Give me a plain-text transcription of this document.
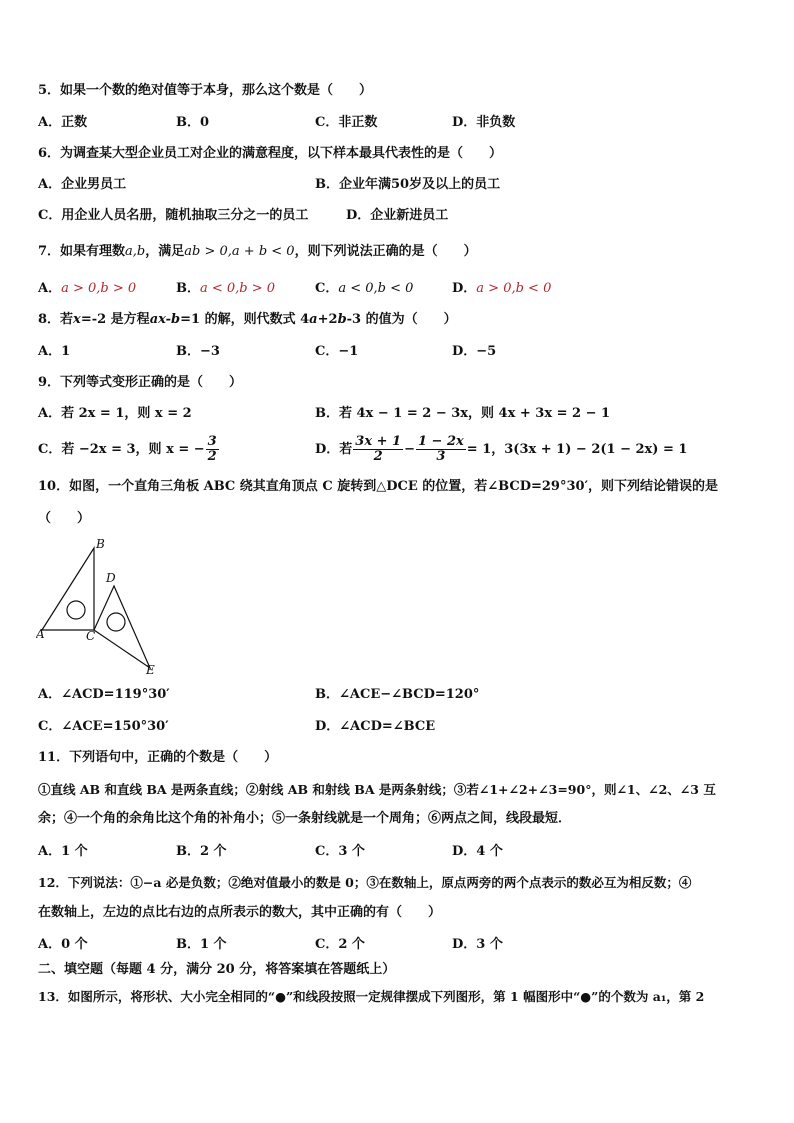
5．如果一个数的绝对值等于本身，那么这个数是（　　）
A．正数	B．0	C．非正数	D．非负数
6．为调查某大型企业员工对企业的满意程度，以下样本最具代表性的是（　　）
A．企业男员工	B．企业年满50岁及以上的员工
C．用企业人员名册，随机抽取三分之一的员工	D．企业新进员工
7．如果有理数a,b，满足ab > 0,a + b < 0，则下列说法正确的是（　　）
A．a > 0,b > 0	B．a < 0,b > 0	C．a < 0,b < 0	D．a > 0,b < 0
8．若x=-2 是方程ax-b=1 的解，则代数式 4a+2b-3 的值为（　　）
A．1	B．−3	C．−1	D．−5
9．下列等式变形正确的是（　　）
A．若 2x = 1，则 x = 2	B．若 4x − 1 = 2 − 3x，则 4x + 3x = 2 − 1
C．若 −2x = 3，则 x = − $\frac{3}{2}$	D．若 $\frac{3x + 1}{2} - \frac{1 - 2x}{3} = 1$，3(3x + 1) − 2(1 − 2x) = 1
10．如图，一个直角三角板 ABC 绕其直角顶点 C 旋转到△DCE 的位置，若∠BCD=29°30′，则下列结论错误的是
（　　）
B
D
A	C
E
A．∠ACD=119°30′	B．∠ACE−∠BCD=120°
C．∠ACE=150°30′	D．∠ACD=∠BCE
11．下列语句中，正确的个数是（　　）
①直线 AB 和直线 BA 是两条直线；②射线 AB 和射线 BA 是两条射线；③若∠1+∠2+∠3=90°，则∠1、∠2、∠3 互
余；④一个角的余角比这个角的补角小；⑤一条射线就是一个周角；⑥两点之间，线段最短．
A．1 个	B．2 个	C．3 个	D．4 个
12．下列说法：①−a 必是负数；②绝对值最小的数是 0；③在数轴上，原点两旁的两个点表示的数必互为相反数；④
在数轴上，左边的点比右边的点所表示的数大，其中正确的有（　　）
A．0 个	B．1 个	C．2 个	D．3 个
二、填空题（每题 4 分，满分 20 分，将答案填在答题纸上）
13．如图所示，将形状、大小完全相同的“●”和线段按照一定规律摆成下列图形，第 1 幅图形中“●”的个数为 a₁，第 2
